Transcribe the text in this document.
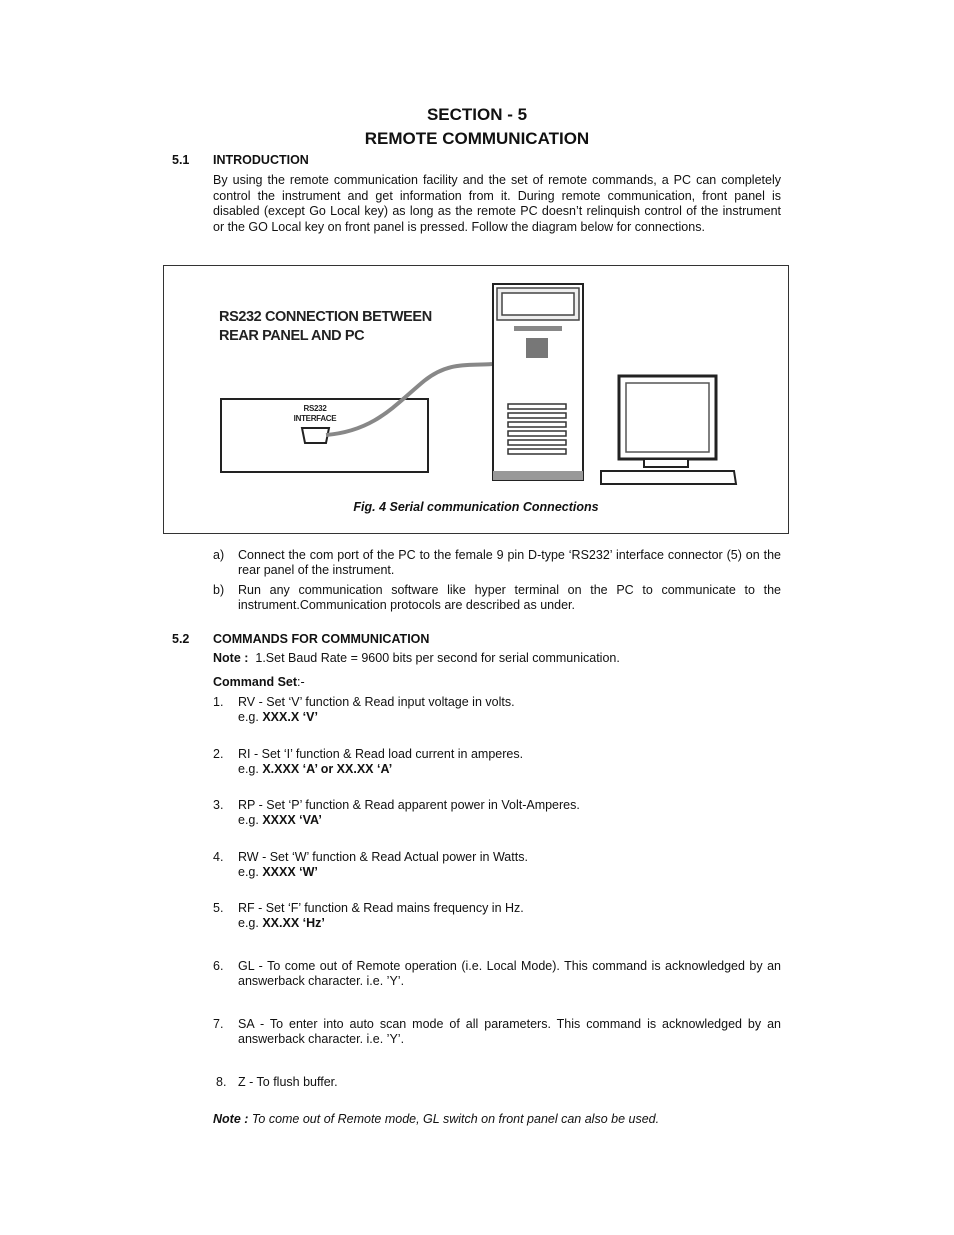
SECTION - 5
REMOTE COMMUNICATION
5.1 INTRODUCTION
By using the remote communication facility and the set of remote commands, a PC can completely control the instrument and get information from it. During remote communication, front panel is disabled (except Go Local key) as long as the remote PC doesn’t relinquish control of the instrument or the GO Local key on front panel is pressed. Follow the diagram below for connections.
RS232 CONNECTION BETWEEN
REAR PANEL AND PC
RS232
INTERFACE
Fig. 4 Serial communication Connections
a) Connect the com port of the PC to the female 9 pin D-type ‘RS232’ interface connector (5) on the rear panel of the instrument.
b) Run any communication software like hyper terminal on the PC to communicate to the instrument.Communication protocols are described as under.
5.2 COMMANDS FOR COMMUNICATION
Note : 1.Set Baud Rate = 9600 bits per second for serial communication.
Command Set:-
1. RV - Set ‘V’ function & Read input voltage in volts.
e.g. XXX.X ‘V’
2. RI - Set ‘I’ function & Read load current in amperes.
e.g. X.XXX ‘A’ or XX.XX ‘A’
3. RP - Set ‘P’ function & Read apparent power in Volt-Amperes.
e.g. XXXX ‘VA’
4. RW - Set ‘W’ function & Read Actual power in Watts.
e.g. XXXX ‘W’
5. RF - Set ‘F’ function & Read mains frequency in Hz.
e.g. XX.XX ‘Hz’
6. GL - To come out of Remote operation (i.e. Local Mode). This command is acknowledged by an answerback character. i.e. ’Y’.
7. SA - To enter into auto scan mode of all parameters. This command is acknowledged by an answerback character. i.e. ’Y’.
8. Z - To flush buffer.
Note : To come out of Remote mode, GL switch on front panel can also be used.
